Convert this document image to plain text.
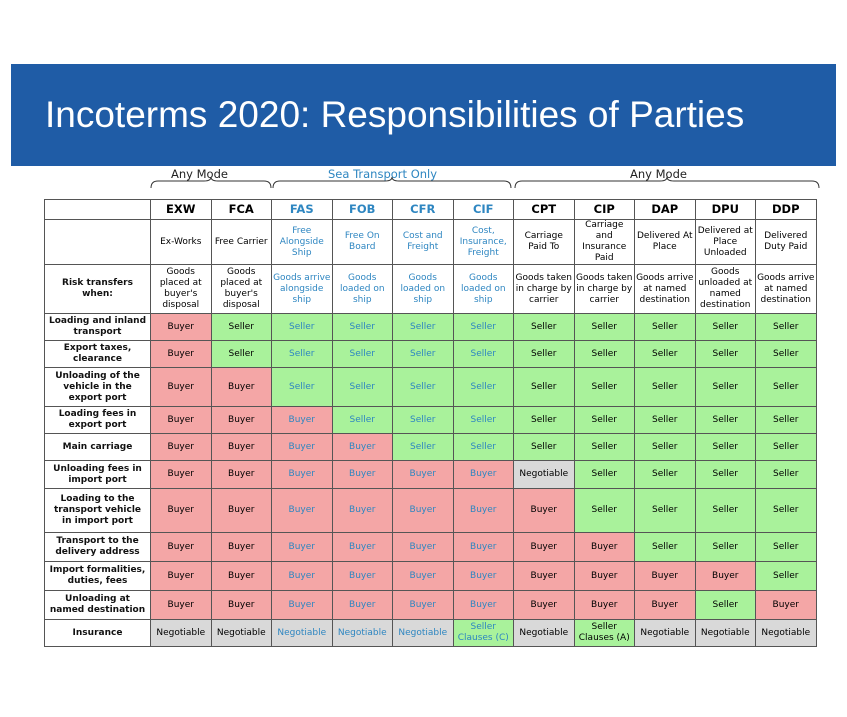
Incoterms 2020: Responsibilities of Parties
Any Mode	Sea Transport Only	Any Mode
	EXW	FCA	FAS	FOB	CFR	CIF	CPT	CIP	DAP	DPU	DDP
	Ex-Works	Free Carrier	Free Alongside Ship	Free On Board	Cost and Freight	Cost, Insurance, Freight	Carriage Paid To	Carriage and Insurance Paid	Delivered At Place	Delivered at Place Unloaded	Delivered Duty Paid
Risk transfers when:	Goods placed at buyer's disposal	Goods placed at buyer's disposal	Goods arrive alongside ship	Goods loaded on ship	Goods loaded on ship	Goods loaded on ship	Goods taken in charge by carrier	Goods taken in charge by carrier	Goods arrive at named destination	Goods unloaded at named destination	Goods arrive at named destination
Loading and inland transport	Buyer	Seller	Seller	Seller	Seller	Seller	Seller	Seller	Seller	Seller	Seller
Export taxes, clearance	Buyer	Seller	Seller	Seller	Seller	Seller	Seller	Seller	Seller	Seller	Seller
Unloading of the vehicle in the export port	Buyer	Buyer	Seller	Seller	Seller	Seller	Seller	Seller	Seller	Seller	Seller
Loading fees in export port	Buyer	Buyer	Buyer	Seller	Seller	Seller	Seller	Seller	Seller	Seller	Seller
Main carriage	Buyer	Buyer	Buyer	Buyer	Seller	Seller	Seller	Seller	Seller	Seller	Seller
Unloading fees in import port	Buyer	Buyer	Buyer	Buyer	Buyer	Buyer	Negotiable	Seller	Seller	Seller	Seller
Loading to the transport vehicle in import port	Buyer	Buyer	Buyer	Buyer	Buyer	Buyer	Buyer	Seller	Seller	Seller	Seller
Transport to the delivery address	Buyer	Buyer	Buyer	Buyer	Buyer	Buyer	Buyer	Buyer	Seller	Seller	Seller
Import formalities, duties, fees	Buyer	Buyer	Buyer	Buyer	Buyer	Buyer	Buyer	Buyer	Buyer	Buyer	Seller
Unloading at named destination	Buyer	Buyer	Buyer	Buyer	Buyer	Buyer	Buyer	Buyer	Buyer	Seller	Buyer
Insurance	Negotiable	Negotiable	Negotiable	Negotiable	Negotiable	Seller Clauses (C)	Negotiable	Seller Clauses (A)	Negotiable	Negotiable	Negotiable
